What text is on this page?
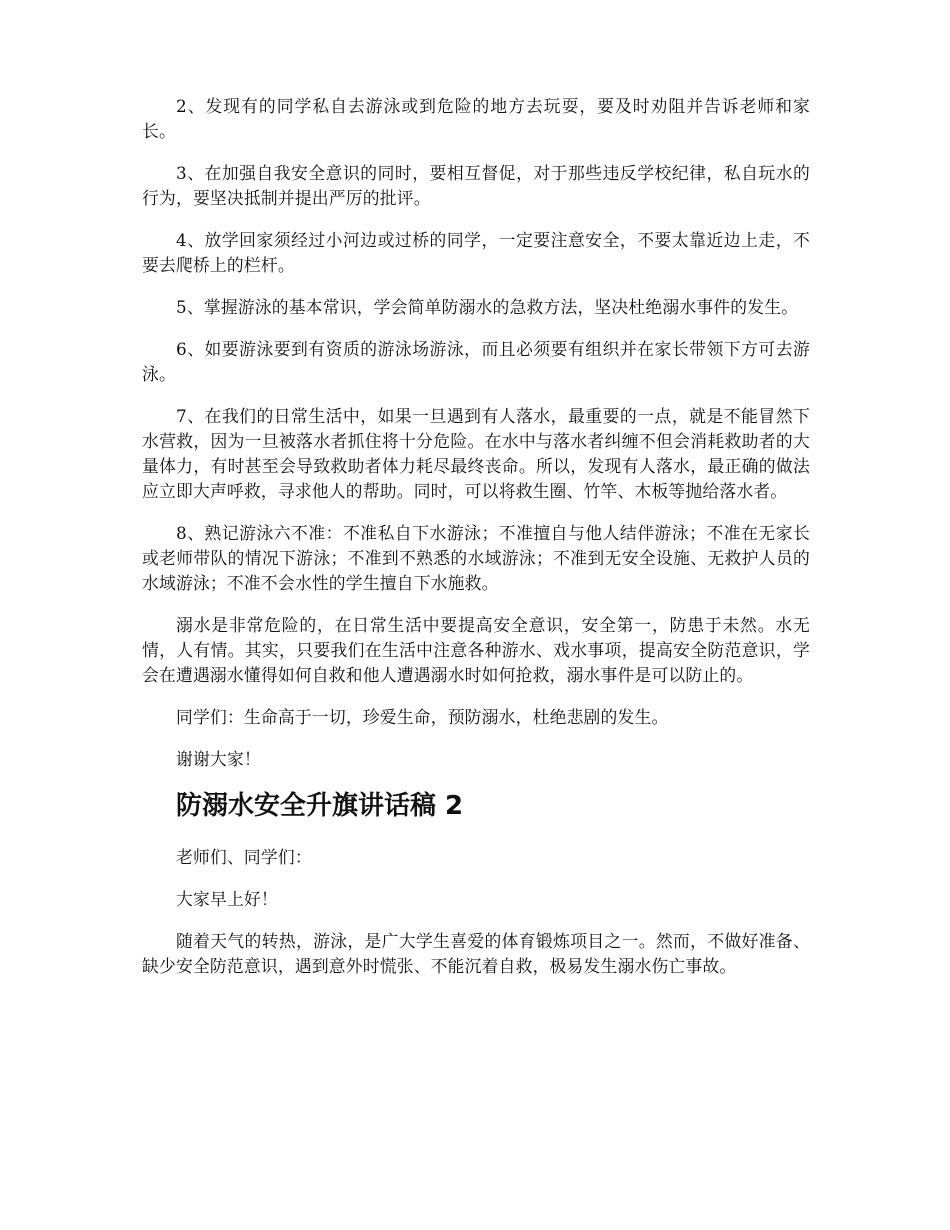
2、发现有的同学私自去游泳或到危险的地方去玩耍，要及时劝阻并告诉老师和家长。

3、在加强自我安全意识的同时，要相互督促，对于那些违反学校纪律，私自玩水的行为，要坚决抵制并提出严厉的批评。

4、放学回家须经过小河边或过桥的同学，一定要注意安全，不要太靠近边上走，不要去爬桥上的栏杆。

5、掌握游泳的基本常识，学会简单防溺水的急救方法，坚决杜绝溺水事件的发生。

6、如要游泳要到有资质的游泳场游泳，而且必须要有组织并在家长带领下方可去游泳。

7、在我们的日常生活中，如果一旦遇到有人落水，最重要的一点，就是不能冒然下水营救，因为一旦被落水者抓住将十分危险。在水中与落水者纠缠不但会消耗救助者的大量体力，有时甚至会导致救助者体力耗尽最终丧命。所以，发现有人落水，最正确的做法应立即大声呼救，寻求他人的帮助。同时，可以将救生圈、竹竿、木板等抛给落水者。

8、熟记游泳六不准：不准私自下水游泳；不准擅自与他人结伴游泳；不准在无家长或老师带队的情况下游泳；不准到不熟悉的水域游泳；不准到无安全设施、无救护人员的水域游泳；不准不会水性的学生擅自下水施救。

溺水是非常危险的，在日常生活中要提高安全意识，安全第一，防患于未然。水无情，人有情。其实，只要我们在生活中注意各种游水、戏水事项，提高安全防范意识，学会在遭遇溺水懂得如何自救和他人遭遇溺水时如何抢救，溺水事件是可以防止的。

同学们：生命高于一切，珍爱生命，预防溺水，杜绝悲剧的发生。

谢谢大家！

防溺水安全升旗讲话稿 2

老师们、同学们：

大家早上好！

随着天气的转热，游泳，是广大学生喜爱的体育锻炼项目之一。然而，不做好准备、缺少安全防范意识，遇到意外时慌张、不能沉着自救，极易发生溺水伤亡事故。
